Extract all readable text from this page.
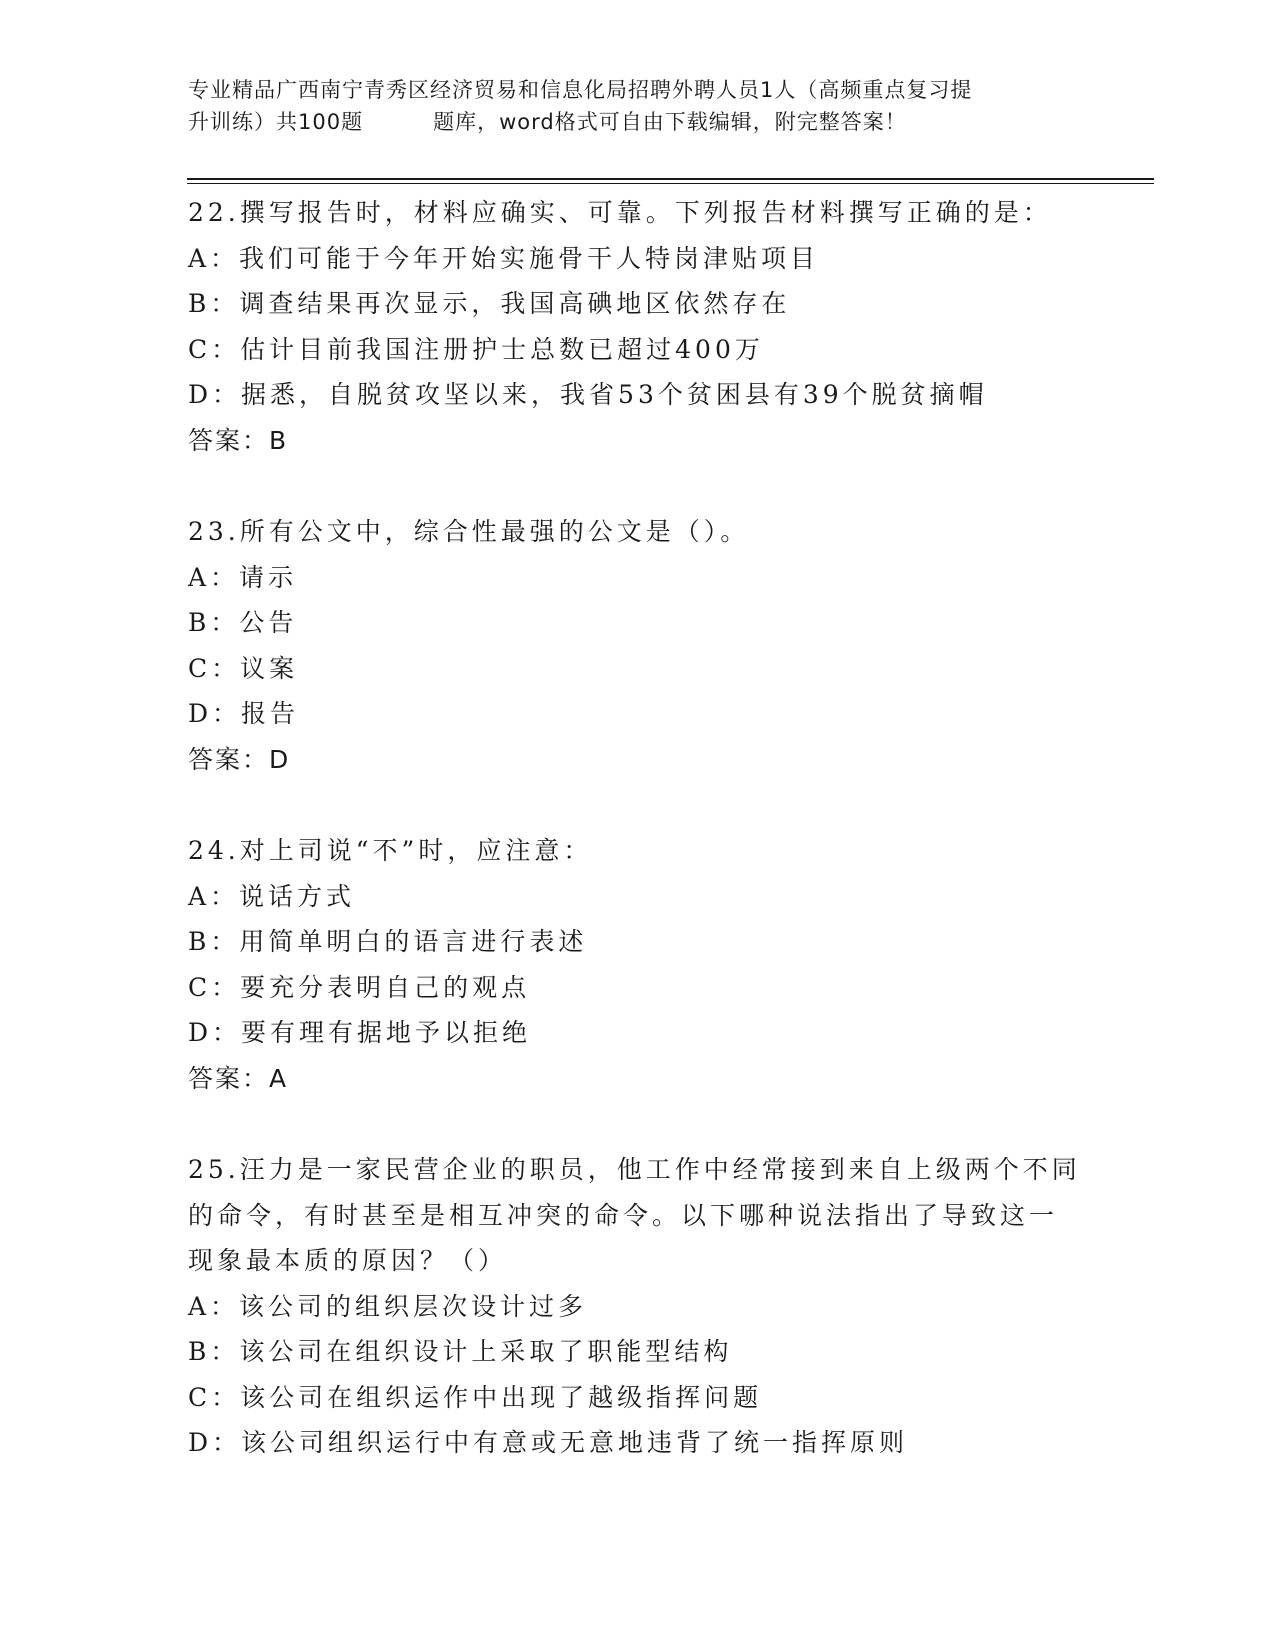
专业精品广西南宁青秀区经济贸易和信息化局招聘外聘人员1人（高频重点复习提
升训练）共100题	题库，word格式可自由下载编辑，附完整答案！
22.撰写报告时，材料应确实、可靠。下列报告材料撰写正确的是：
A：我们可能于今年开始实施骨干人特岗津贴项目
B：调查结果再次显示，我国高碘地区依然存在
C：估计目前我国注册护士总数已超过400万
D：据悉，自脱贫攻坚以来，我省53个贫困县有39个脱贫摘帽
答案：B
23.所有公文中，综合性最强的公文是（）。
A：请示
B：公告
C：议案
D：报告
答案：D
24.对上司说“不”时，应注意：
A：说话方式
B：用简单明白的语言进行表述
C：要充分表明自己的观点
D：要有理有据地予以拒绝
答案：A
25.汪力是一家民营企业的职员，他工作中经常接到来自上级两个不同
的命令，有时甚至是相互冲突的命令。以下哪种说法指出了导致这一
现象最本质的原因？（）
A：该公司的组织层次设计过多
B：该公司在组织设计上采取了职能型结构
C：该公司在组织运作中出现了越级指挥问题
D：该公司组织运行中有意或无意地违背了统一指挥原则
